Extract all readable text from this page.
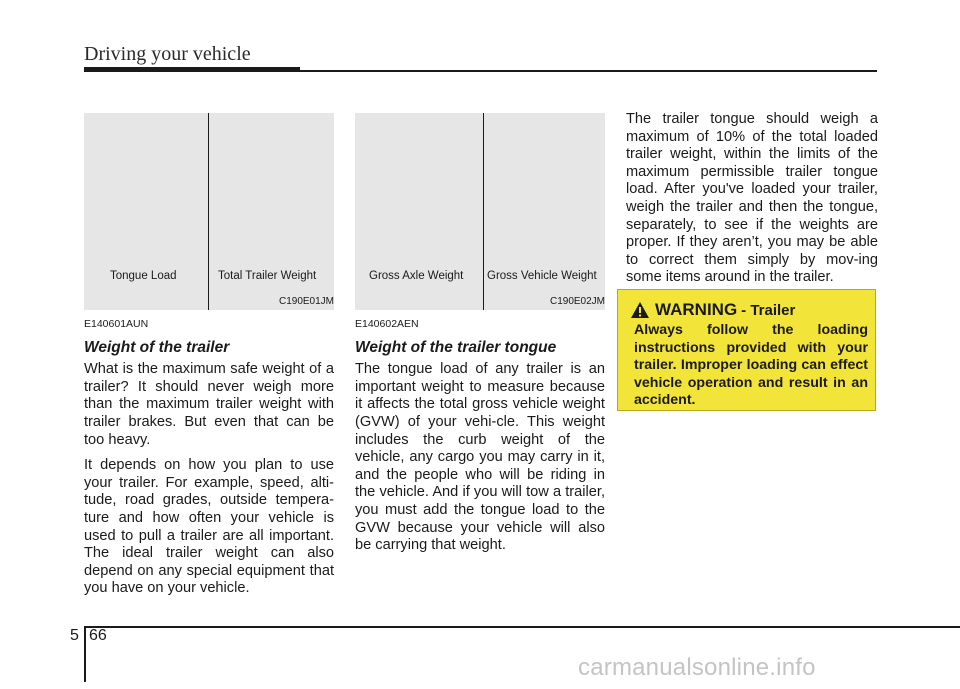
Driving your vehicle
Tongue Load	Total Trailer Weight
C190E01JM
Gross Axle Weight Gross Vehicle Weight
C190E02JM
E140601AUN
Weight of the trailer

What is the maximum safe weight of a trailer? It should never weigh more than the maximum trailer weight with trailer brakes. But even that can be too heavy.

It depends on how you plan to use your trailer. For example, speed, alti-tude, road grades, outside tempera-ture and how often your vehicle is used to pull a trailer are all important. The ideal trailer weight can also depend on any special equipment that you have on your vehicle.

E140602AEN
Weight of the trailer tongue

The tongue load of any trailer is an important weight to measure because it affects the total gross vehicle weight (GVW) of your vehi-cle. This weight includes the curb weight of the vehicle, any cargo you may carry in it, and the people who will be riding in the vehicle. And if you will tow a trailer, you must add the tongue load to the GVW because your vehicle will also be carrying that weight.

The trailer tongue should weigh a maximum of 10% of the total loaded trailer weight, within the limits of the maximum permissible trailer tongue load. After you've loaded your trailer, weigh the trailer and then the tongue, separately, to see if the weights are proper. If they aren’t, you may be able to correct them simply by mov-ing some items around in the trailer.

WARNING - Trailer
Always follow the loading instructions provided with your trailer. Improper loading can effect vehicle operation and result in an accident.
5 66
carmanualsonline.info
